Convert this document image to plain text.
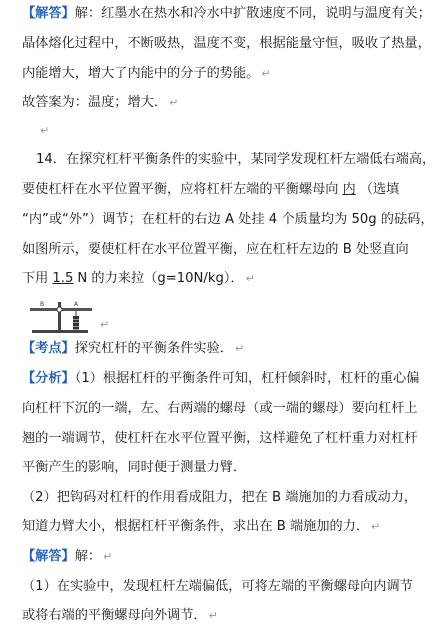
【解答】解：红墨水在热水和冷水中扩散速度不同，说明与温度有关；
晶体熔化过程中，不断吸热，温度不变，根据能量守恒，吸收了热量，
内能增大，增大了内能中的分子的势能。 ↵
故答案为：温度；增大． ↵
↵
14．在探究杠杆平衡条件的实验中，某同学发现杠杆左端低右端高，
要使杠杆在水平位置平衡，应将杠杆左端的平衡螺母向 内 （选填
“内”或“外”）调节；在杠杆的右边 A 处挂 4 个质量均为 50g 的砝码，
如图所示，要使杠杆在水平位置平衡，应在杠杆左边的 B 处竖直向
下用 1.5 N 的力来拉（g=10N/kg）． ↵
B	A
↵
【考点】探究杠杆的平衡条件实验． ↵
【分析】（1）根据杠杆的平衡条件可知，杠杆倾斜时，杠杆的重心偏
向杠杆下沉的一端，左、右两端的螺母（或一端的螺母）要向杠杆上
翘的一端调节，使杠杆在水平位置平衡，这样避免了杠杆重力对杠杆
平衡产生的影响，同时便于测量力臂．
（2）把钩码对杠杆的作用看成阻力，把在 B 端施加的力看成动力，
知道力臂大小，根据杠杆平衡条件，求出在 B 端施加的力． ↵
【解答】解： ↵
（1）在实验中，发现杠杆左端偏低，可将左端的平衡螺母向内调节
或将右端的平衡螺母向外调节． ↵
